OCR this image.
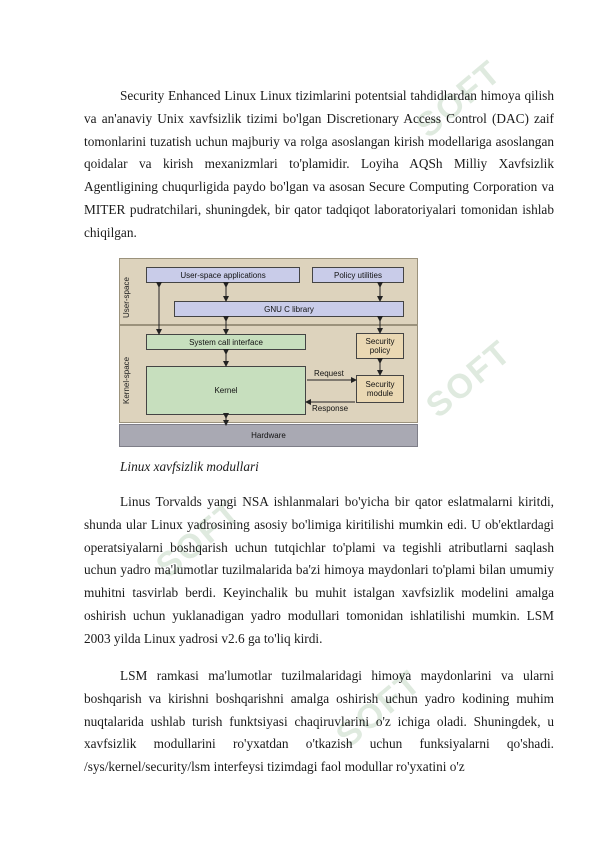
SOFT
SOFT
SOFT
SOFT

Security Enhanced Linux Linux tizimlarini potentsial tahdidlardan himoya qilish va an'anaviy Unix xavfsizlik tizimi bo'lgan Discretionary Access Control (DAC) zaif tomonlarini tuzatish uchun majburiy va rolga asoslangan kirish modellariga asoslangan qoidalar va kirish mexanizmlari to'plamidir. Loyiha AQSh Milliy Xavfsizlik Agentligining chuqurligida paydo bo'lgan va asosan Secure Computing Corporation va MITER pudratchilari, shuningdek, bir qator tadqiqot laboratoriyalari tomonidan ishlab chiqilgan.

Hardware
User-space
Kernel-space
User-space applications	Policy utilities
GNU C library
System call interface	Security policy
Kernel
Security module
Request
Response

Linux xavfsizlik modullari

Linus Torvalds yangi NSA ishlanmalari bo'yicha bir qator eslatmalarni kiritdi, shunda ular Linux yadrosining asosiy bo'limiga kiritilishi mumkin edi. U ob'ektlardagi operatsiyalarni boshqarish uchun tutqichlar to'plami va tegishli atributlarni saqlash uchun yadro ma'lumotlar tuzilmalarida ba'zi himoya maydonlari to'plami bilan umumiy muhitni tasvirlab berdi. Keyinchalik bu muhit istalgan xavfsizlik modelini amalga oshirish uchun yuklanadigan yadro modullari tomonidan ishlatilishi mumkin. LSM 2003 yilda Linux yadrosi v2.6 ga to'liq kirdi.

LSM ramkasi ma'lumotlar tuzilmalaridagi himoya maydonlarini va ularni boshqarish va kirishni boshqarishni amalga oshirish uchun yadro kodining muhim nuqtalarida ushlab turish funktsiyasi chaqiruvlarini o'z ichiga oladi. Shuningdek, u xavfsizlik modullarini ro'yxatdan o'tkazish uchun funksiyalarni qo'shadi. /sys/kernel/security/lsm interfeysi tizimdagi faol modullar ro'yxatini o'z
